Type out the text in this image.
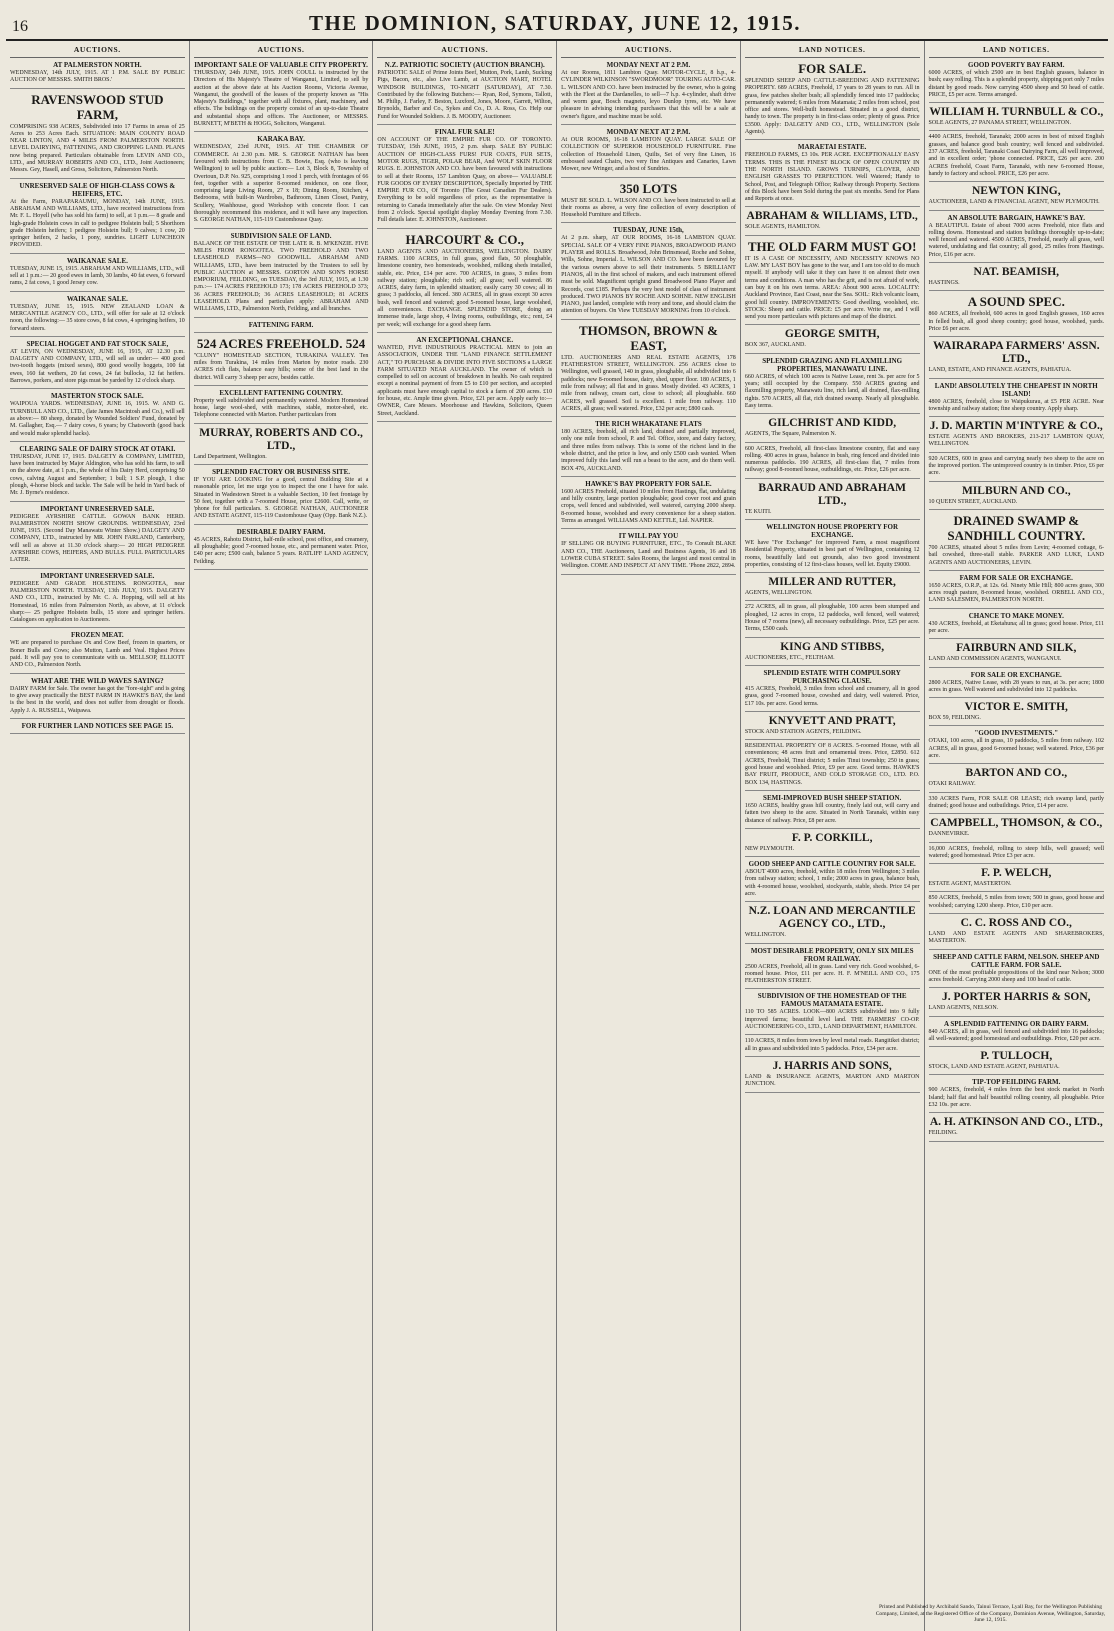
16	THE DOMINION, SATURDAY, JUNE 12, 1915.
AUCTIONS.
AT PALMERSTON NORTH.
WEDNESDAY, 14th JULY, 1915. AT 1 P.M. SALE BY PUBLIC AUCTION OF MESSRS. SMITH BROS.'
RAVENSWOOD STUD FARM,
COMPRISING 938 ACRES, Subdivided into 17 Farms in areas of 25 Acres to 253 Acres Each. SITUATION: MAIN COUNTY ROAD NEAR LINTON, AND 4 MILES FROM PALMERSTON NORTH. LEVEL DAIRYING, FATTENING, AND CROPPING LAND. PLANS now being prepared. Particulars obtainable from LEVIN AND CO., LTD., and MURRAY ROBERTS AND CO., LTD., Joint Auctioneers; Messrs. Gey, Hasell, and Gross, Solicitors, Palmerston North.
UNRESERVED SALE OF HIGH-CLASS COWS & HEIFERS, ETC.
At the Farm, PARAPARAUMU, MONDAY, 14th JUNE, 1915. ABRAHAM AND WILLIAMS, LTD., have received instructions from Mr. F. L. Hoyell (who has sold his farm) to sell, at 1 p.m.— 8 grade and high-grade Holstein cows in calf to pedigree Holstein bull; 5 Shorthorn grade Holstein heifers; 1 pedigree Holstein bull; 9 calves; 1 cow, 20 springer heifers, 2 hacks, 1 pony, sundries. LIGHT LUNCHEON PROVIDED.
WAIKANAE SALE.
TUESDAY, JUNE 15, 1915. ABRAHAM AND WILLIAMS, LTD., will sell at 1 p.m.:— 20 good ewes in lamb, 30 lambs, 40 fat ewes, 6 forward rams, 2 fat cows, 1 good Jersey cow.
WAIKANAE SALE.
TUESDAY, JUNE 15, 1915. NEW ZEALAND LOAN & MERCANTILE AGENCY CO., LTD., will offer for sale at 12 o'clock noon, the following:— 35 store cows, 8 fat cows, 4 springing heifers, 10 forward steers.
SPECIAL HOGGET AND FAT STOCK SALE,
AT LEVIN, ON WEDNESDAY, JUNE 16, 1915, AT 12.30 p.m. DALGETY AND COMPANY, LTD., will sell as under:— 400 good two-tooth hoggets (mixed sexes), 800 good woolly hoggets, 100 fat ewes, 160 fat wethers, 20 fat cows, 24 fat bullocks, 12 fat heifers. Barrows, porkers, and store pigs must be yarded by 12 o'clock sharp.
MASTERTON STOCK SALE.
WAIPOUA YARDS. WEDNESDAY, JUNE 16, 1915. W. AND G. TURNBULL AND CO., LTD., (late James Macintosh and Co.), will sell as above:— 80 sheep, donated by Wounded Soldiers' Fund, donated by M. Gallagher, Esq.— 7 dairy cows, 6 years; by Chatsworth (good back and would make splendid hacks).
CLEARING SALE OF DAIRY STOCK AT OTAKI.
THURSDAY, JUNE 17, 1915. DALGETY & COMPANY, LIMITED, have been instructed by Major Aldington, who has sold his farm, to sell on the above date, at 1 p.m., the whole of his Dairy Herd, comprising 50 cows, calving August and September; 1 bull; 1 S.P. plough, 1 disc plough, 4-horse block and tackle. The Sale will be held in Yard back of Mr. J. Byrne's residence.
IMPORTANT UNRESERVED SALE.
PEDIGREE AYRSHIRE CATTLE. GOWAN BANK HERD. PALMERSTON NORTH SHOW GROUNDS. WEDNESDAY, 23rd JUNE, 1915. (Second Day Manawatu Winter Show.) DALGETY AND COMPANY, LTD., instructed by MR. JOHN FARLAND, Canterbury, will sell as above at 11.30 o'clock sharp:— 20 HIGH PEDIGREE AYRSHIRE COWS, HEIFERS, AND BULLS. FULL PARTICULARS LATER.
IMPORTANT UNRESERVED SALE.
PEDIGREE AND GRADE HOLSTEINS. RONGOTEA, near PALMERSTON NORTH. TUESDAY, 13th JULY, 1915. DALGETY AND CO., LTD., instructed by Mr. C. A. Hopping, will sell at his Homestead, 16 miles from Palmerston North, as above, at 11 o'clock sharp:— 25 pedigree Holstein bulls, 15 store and springer heifers. Catalogues on application to Auctioneers.
FROZEN MEAT.
WE are prepared to purchase Ox and Cow Beef, frozen in quarters, or Boner Bulls and Cows; also Mutton, Lamb and Veal. Highest Prices paid. It will pay you to communicate with us. MELLSOP, ELLIOTT AND CO., Palmerston North.
WHAT ARE THE WILD WAVES SAYING?
DAIRY FARM for Sale. The owner has got the "fore-sight" and is going to give away practically the BEST FARM IN HAWKE'S BAY, the land is the best in the world, and does not suffer from drought or floods. Apply J. A. RUSSELL, Waipawa.
FOR FURTHER LAND NOTICES SEE PAGE 15.
AUCTIONS.
IMPORTANT SALE OF VALUABLE CITY PROPERTY.
THURSDAY, 24th JUNE, 1915. JOHN COULL is instructed by the Directors of His Majesty's Theatre of Wanganui, Limited, to sell by auction at the above date at his Auction Rooms, Victoria Avenue, Wanganui, the goodwill of the leases of the property known as "His Majesty's Buildings," together with all fixtures, plant, machinery, and effects. The buildings on the property consist of an up-to-date Theatre and substantial shops and offices. The Auctioneer, or MESSRS. BURNETT, M'BETH & HOGG, Solicitors, Wanganui.
KARAKA BAY.
WEDNESDAY, 23rd JUNE, 1915. AT THE CHAMBER OF COMMERCE. At 2.30 p.m. MR. S. GEORGE NATHAN has been favoured with instructions from C. B. Bowie, Esq. (who is leaving Wellington) to sell by public auction:— Lot 3, Block 8, Township of Overtoun, D.P. No. 925, comprising 1 rood 1 perch, with frontages of 66 feet, together with a superior 8-roomed residence, on one floor, comprising large Living Room, 27 x 18; Dining Room, Kitchen, 4 Bedrooms, with built-in Wardrobes, Bathroom, Linen Closet, Pantry, Scullery, Washhouse, good Workshop with concrete floor. I can thoroughly recommend this residence, and it will have any inspection. S. GEORGE NATHAN, 115-119 Customhouse Quay.
SUBDIVISION SALE OF LAND.
BALANCE OF THE ESTATE OF THE LATE R. B. M'KENZIE. FIVE MILES FROM RONGOTEA. TWO FREEHOLD AND TWO LEASEHOLD FARMS—NO GOODWILL. ABRAHAM AND WILLIAMS, LTD., have been instructed by the Trustees to sell by PUBLIC AUCTION at MESSRS. GORTON AND SON'S HORSE EMPORIUM, FEILDING, on TUESDAY, the 3rd JULY, 1915, at 1.30 p.m.:— 174 ACRES FREEHOLD 173; 178 ACRES FREEHOLD 373; 36 ACRES FREEHOLD; 36 ACRES LEASEHOLD; 81 ACRES LEASEHOLD. Plans and particulars apply: ABRAHAM AND WILLIAMS, LTD., Palmerston North, Feilding, and all branches.
FATTENING FARM.
524 ACRES FREEHOLD. 524
"CLUNY" HOMESTEAD SECTION, TURAKINA VALLEY. Ten miles from Turakina, 14 miles from Marton by motor roads. 230 ACRES rich flats, balance easy hills; some of the best land in the district. Will carry 3 sheep per acre, besides cattle.
EXCELLENT FATTENING COUNTRY.
Property well subdivided and permanently watered. Modern Homestead house, large wool-shed, with machines, stable, motor-shed, etc. Telephone connected with Marton. Further particulars from
MURRAY, ROBERTS AND CO., LTD.,
Land Department, Wellington.
SPLENDID FACTORY OR BUSINESS SITE.
IF YOU ARE LOOKING for a good, central Building Site at a reasonable price, let me urge you to inspect the one I have for sale. Situated in Wadestown Street is a valuable Section, 10 feet frontage by 50 feet, together with a 7-roomed House, price £2600. Call, write, or 'phone for full particulars. S. GEORGE NATHAN, AUCTIONEER AND ESTATE AGENT, 115-119 Customhouse Quay (Opp. Bank N.Z.).
DESIRABLE DAIRY FARM.
45 ACRES, Rahotu District, half-mile school, post office, and creamery, all ploughable; good 7-roomed house, etc., and permanent water. Price, £40 per acre; £500 cash, balance 5 years. RATLIFF LAND AGENCY, Feilding.
AUCTIONS.
N.Z. PATRIOTIC SOCIETY (AUCTION BRANCH).
PATRIOTIC SALE of Prime Joints Beef, Mutton, Pork, Lamb, Sucking Pigs, Bacon, etc., also Live Lamb, at AUCTION MART, HOTEL WINDSOR BUILDINGS, TO-NIGHT (SATURDAY), AT 7.30. Contributed by the following Butchers:— Ryan, Rod, Symons, Tallott, M. Philip, J. Farley, F. Beston, Luxford, Jones, Moore, Garrett, Wilton, Brynolds, Barber and Co., Sykes and Co., D. A. Ross, Co. Help our Fund for Wounded Soldiers. J. B. MOODY, Auctioneer.
FINAL FUR SALE!
ON ACCOUNT OF THE EMPIRE FUR CO. OF TORONTO. TUESDAY, 15th JUNE, 1915, 2 p.m. sharp. SALE BY PUBLIC AUCTION OF HIGH-CLASS FURS! FUR COATS, FUR SETS, MOTOR RUGS, TIGER, POLAR BEAR, And WOLF SKIN FLOOR RUGS. E. JOHNSTON AND CO. have been favoured with instructions to sell at their Rooms, 157 Lambton Quay, on above— VALUABLE FUR GOODS OF EVERY DESCRIPTION, Specially Imported by THE EMPIRE FUR CO., Of Toronto (The Great Canadian Fur Dealers). Everything to be sold regardless of price, as the representative is returning to Canada immediately after the sale. On view Monday Next from 2 o'clock. Special spotlight display Monday Evening from 7.30. Full details later. E. JOHNSTON, Auctioneer.
HARCOURT & CO.,
LAND AGENTS AND AUCTIONEERS, WELLINGTON. DAIRY FARMS. 1100 ACRES, in full grass, good flats, 50 ploughable, limestone country, two homesteads, woolshed, milking sheds installed, stable, etc. Price, £14 per acre. 700 ACRES, in grass, 3 miles from railway station; ploughable; rich soil; all grass; well watered. 86 ACRES, dairy farm, in splendid situation; easily carry 30 cows; all in grass; 3 paddocks, all fenced. 380 ACRES, all in grass except 30 acres bush, well fenced and watered; good 5-roomed house, large woolshed, all conveniences. EXCHANGE. SPLENDID STORE, doing an immense trade, large shop, 4 living rooms, outbuildings, etc.; rent, £4 per week; will exchange for a good sheep farm.
AN EXCEPTIONAL CHANCE.
WANTED, FIVE INDUSTRIOUS PRACTICAL MEN to join an ASSOCIATION, UNDER THE "LAND FINANCE SETTLEMENT ACT," TO PURCHASE & DIVIDE INTO FIVE SECTIONS a LARGE FARM SITUATED NEAR AUCKLAND. The owner of which is compelled to sell on account of breakdown in health. No cash required except a nominal payment of from £5 to £10 per section, and accepted applicants must have enough capital to stock a farm of 200 acres. £10 for house, etc. Ample time given. Price, £21 per acre. Apply early to:— OWNER, Care Messrs. Moorhouse and Hawkins, Solicitors, Queen Street, Auckland.
AUCTIONS.
MONDAY NEXT AT 2 P.M.
At our Rooms, 1811 Lambton Quay. MOTOR-CYCLE, 8 h.p., 4-CYLINDER WILKINSON "SWORDMOOR" TOURING AUTO-CAR. L. WILSON AND CO. have been instructed by the owner, who is going with the Fleet at the Dardanelles, to sell—7 h.p. 4-cylinder, shaft drive and worm gear, Bosch magneto, leyo Dunlop tyres, etc. We have pleasure in advising intending purchasers that this will be a sale at owner's figure, and machine must be sold.
MONDAY NEXT AT 2 P.M.
At OUR ROOMS, 16-18 LAMBTON QUAY. LARGE SALE OF COLLECTION OF SUPERIOR HOUSEHOLD FURNITURE. Fine collection of Household Linen, Quilts, Set of very fine Linen, 16 embossed seated Chairs, two very fine Antiques and Canaries, Lawn Mower, new Wringer, and a host of Sundries.
350 LOTS
MUST BE SOLD. L. WILSON AND CO. have been instructed to sell at their rooms as above, a very fine collection of every description of Household Furniture and Effects.
TUESDAY, JUNE 15th,
At 2 p.m. sharp, AT OUR ROOMS, 16-18 LAMBTON QUAY. SPECIAL SALE OF 4 VERY FINE PIANOS, BROADWOOD PIANO PLAYER and ROLLS. Broadwood, John Brinsmead, Roche and Sohne, Wills, Sohne, Imperial. L. WILSON AND CO. have been favoured by the various owners above to sell their instruments. 5 BRILLIANT PIANOS, all in the first school of makers, and each instrument offered must be sold. Magnificent upright grand Broadwood Piano Player and Records, cost £185. Perhaps the very best model of class of instrument produced. TWO PIANOS BY ROCHE AND SOHNE. NEW ENGLISH PIANO, just landed, complete with ivory and tone, and should claim the attention of buyers. On View TUESDAY MORNING from 10 o'clock.
THOMSON, BROWN & EAST,
LTD. AUCTIONEERS AND REAL ESTATE AGENTS, 178 FEATHERSTON STREET, WELLINGTON. 256 ACRES close to Wellington, well grassed, 140 in grass, ploughable, all subdivided into 6 paddocks; new 8-roomed house, dairy, shed, upper floor. 180 ACRES, 1 mile from railway; all flat and in grass. Mostly divided. 43 ACRES, 1 mile from railway, cream cart, close to school; all ploughable. 660 ACRES, well grassed. Soil is excellent. 1 mile from railway. 110 ACRES, all grass; well watered. Price, £32 per acre; £800 cash.
THE RICH WHAKATANE FLATS
180 ACRES, freehold, all rich land, drained and partially improved, only one mile from school, P. and Tel. Office, store, and dairy factory, and three miles from railway. This is some of the richest land in the whole district, and the price is low, and only £500 cash wanted. When improved fully this land will run a beast to the acre, and do them well. BOX 476, AUCKLAND.
HAWKE'S BAY PROPERTY FOR SALE.
1600 ACRES Freehold, situated 10 miles from Hastings, flat, undulating and hilly country, large portion ploughable; good cover root and grain crops, well fenced and subdivided, well watered, carrying 2000 sheep. 8-roomed house, woolshed and every convenience for a sheep station. Terms as arranged. WILLIAMS AND KETTLE, Ltd. NAPIER.
IT WILL PAY YOU
IF SELLING OR BUYING FURNITURE, ETC., To Consult BLAKE AND CO., THE Auctioneers, Land and Business Agents, 16 and 18 LOWER CUBA STREET. Sales Rooms, the largest and most central in Wellington. COME AND INSPECT AT ANY TIME. 'Phone 2822, 2894.
LAND NOTICES.
FOR SALE.
SPLENDID SHEEP AND CATTLE-BREEDING AND FATTENING PROPERTY. 689 ACRES, Freehold, 17 years to 28 years to run. All in grass, few patches shelter bush; all splendidly fenced into 17 paddocks; permanently watered; 6 miles from Matamata; 2 miles from school, post office and stores. Well-built homestead. Situated in a good district, handy to town. The property is in first-class order; plenty of grass. Price £3500. Apply: DALGETY AND CO., LTD., WELLINGTON (Sole Agents).
MARAETAI ESTATE.
FREEHOLD FARMS, £3 10s. PER ACRE. EXCEPTIONALLY EASY TERMS. THIS IS THE FINEST BLOCK OF OPEN COUNTRY IN THE NORTH ISLAND. GROWS TURNIPS, CLOVER, AND ENGLISH GRASSES TO PERFECTION. Well Watered; Handy to School, Post, and Telegraph Office; Railway through Property. Sections of this Block have been Sold during the past six months. Send for Plans and Reports at once.
ABRAHAM & WILLIAMS, LTD.,
SOLE AGENTS, HAMILTON.
THE OLD FARM MUST GO!
IT IS A CASE OF NECESSITY, AND NECESSITY KNOWS NO LAW. MY LAST BOY has gone to the war, and I am too old to do much myself. If anybody will take it they can have it on almost their own terms and conditions. A man who has the grit, and is not afraid of work, can buy it on his own terms. AREA: About 900 acres. LOCALITY: Auckland Province, East Coast, near the Sea. SOIL: Rich volcanic loam, good hill country. IMPROVEMENTS: Good dwelling, woolshed, etc. STOCK: Sheep and cattle. PRICE: £5 per acre. Write me, and I will send you more particulars with pictures and map of the district.
GEORGE SMITH,
BOX 367, AUCKLAND.
SPLENDID GRAZING AND FLAXMILLING PROPERTIES, MANAWATU LINE.
660 ACRES, of which 100 acres is Native Lease, rent 3s. per acre for 5 years; still occupied by the Company. 550 ACRES grazing and flaxmilling property, Manawatu line, rich land, all drained, flax-milling rights. 570 ACRES, all flat, rich drained swamp. Nearly all ploughable. Easy terms.
GILCHRIST AND KIDD,
AGENTS, The Square, Palmerston N.
600 ACRES, Freehold, all first-class limestone country, flat and easy rolling. 400 acres in grass, balance in bush, ring fenced and divided into numerous paddocks. 190 ACRES, all first-class flat, 7 miles from railway; good 8-roomed house, outbuildings, etc. Price, £26 per acre.
BARRAUD AND ABRAHAM LTD.,
TE KUITI.
WELLINGTON HOUSE PROPERTY FOR EXCHANGE.
WE have "For Exchange" for improved Farm, a most magnificent Residential Property, situated in best part of Wellington, containing 12 rooms, beautifully laid out grounds, also two good investment properties, consisting of 12 first-class houses, well let. Equity £9000.
MILLER AND RUTTER,
AGENTS, WELLINGTON.
272 ACRES, all in grass, all ploughable, 100 acres been stumped and ploughed, 12 acres in crops, 12 paddocks, well fenced, well watered; House of 7 rooms (new), all necessary outbuildings. Price, £25 per acre. Terms, £500 cash.
KING AND STIBBS,
AUCTIONEERS, ETC., FELTHAM.
SPLENDID ESTATE WITH COMPULSORY PURCHASING CLAUSE.
415 ACRES, Freehold, 3 miles from school and creamery, all in good grass, good 7-roomed house, cowshed and dairy, well watered. Price, £17 10s. per acre. Good terms.
KNYVETT AND PRATT,
STOCK AND STATION AGENTS, FEILDING.
RESIDENTIAL PROPERTY OF 8 ACRES. 5-roomed House, with all conveniences; 48 acres fruit and ornamental trees. Price, £2850. 612 ACRES, Freehold, Tinui district; 5 miles Tinui township; 250 in grass; good house and woolshed. Price, £9 per acre. Good terms. HAWKE'S BAY FRUIT, PRODUCE, AND COLD STORAGE CO., LTD. P.O. BOX 134, HASTINGS.
SEMI-IMPROVED BUSH SHEEP STATION.
1650 ACRES, healthy grass hill country, finely laid out, will carry and fatten two sheep to the acre. Situated in North Taranaki, within easy distance of railway. Price, £8 per acre.
F. P. CORKILL,
NEW PLYMOUTH.
GOOD SHEEP AND CATTLE COUNTRY FOR SALE.
ABOUT 4000 acres, freehold, within 18 miles from Wellington; 3 miles from railway station; school, 1 mile; 2000 acres in grass, balance bush, with 4-roomed house, woolshed, stockyards, stable, sheds. Price £4 per acre.
N.Z. LOAN AND MERCANTILE AGENCY CO., LTD.,
WELLINGTON.
MOST DESIRABLE PROPERTY, ONLY SIX MILES FROM RAILWAY.
2500 ACRES, Freehold, all in grass. Land very rich. Good woolshed, 6-roomed house. Price, £11 per acre. H. F. M'NEILL AND CO., 175 FEATHERSTON STREET.
SUBDIVISION OF THE HOMESTEAD OF THE FAMOUS MATAMATA ESTATE.
110 TO 585 ACRES. LOOK—800 ACRES subdivided into 9 fully improved farms; beautiful level land. THE FARMERS' CO-OP. AUCTIONEERING CO., LTD., LAND DEPARTMENT, HAMILTON.
110 ACRES, 8 miles from town by level metal roads. Rangitikei district; all in grass and subdivided into 5 paddocks. Price, £34 per acre.
J. HARRIS AND SONS,
LAND & INSURANCE AGENTS, MARTON AND MARTON JUNCTION.
LAND NOTICES.
GOOD POVERTY BAY FARM.
6000 ACRES, of which 2500 are in best English grasses, balance in bush; easy rolling. This is a splendid property, shipping port only 7 miles distant by good roads. Now carrying 4500 sheep and 50 head of cattle. PRICE, £5 per acre. Terms arranged.
WILLIAM H. TURNBULL & CO.,
SOLE AGENTS, 27 PANAMA STREET, WELLINGTON.
4400 ACRES, freehold, Taranaki; 2000 acres in best of mixed English grasses, and balance good bush country; well fenced and subdivided. 237 ACRES, freehold, Taranaki Coast Dairying Farm, all well improved, and in excellent order; 'phone connected. PRICE, £26 per acre. 200 ACRES freehold, Coast Farm, Taranaki, with new 6-roomed House, handy to factory and school. PRICE, £26 per acre.
NEWTON KING,
AUCTIONEER, LAND & FINANCIAL AGENT, NEW PLYMOUTH.
AN ABSOLUTE BARGAIN, HAWKE'S BAY.
A BEAUTIFUL Estate of about 7000 acres Freehold, nice flats and rolling downs. Homestead and station buildings thoroughly up-to-date; well fenced and watered. 4500 ACRES, Freehold, nearly all grass, well watered, undulating and flat country; all good, 25 miles from Hastings. Price, £16 per acre.
NAT. BEAMISH,
HASTINGS.
A SOUND SPEC.
860 ACRES, all freehold, 600 acres in good English grasses, 160 acres in felled bush, all good sheep country; good house, woolshed, yards. Price £6 per acre.
WAIRARAPA FARMERS' ASSN. LTD.,
LAND, ESTATE, AND FINANCE AGENTS, PAHIATUA.
LAND! ABSOLUTELY THE CHEAPEST IN NORTH ISLAND!
4800 ACRES, freehold, close to Waipukurau, at £5 PER ACRE. Near township and railway station; fine sheep country. Apply sharp.
J. D. MARTIN M'INTYRE & CO.,
ESTATE AGENTS AND BROKERS, 213-217 LAMBTON QUAY, WELLINGTON.
920 ACRES, 600 in grass and carrying nearly two sheep to the acre on the improved portion. The unimproved country is in timber. Price, £6 per acre.
MILBURN AND CO.,
10 QUEEN STREET, AUCKLAND.
DRAINED SWAMP & SANDHILL COUNTRY.
700 ACRES, situated about 5 miles from Levin; 4-roomed cottage, 6-bail cowshed, three-stall stable. PARKER AND LUKE, LAND AGENTS AND AUCTIONEERS, LEVIN.
FARM FOR SALE OR EXCHANGE.
1650 ACRES, O.R.P., at 12s. 6d. Ninety Mile Hill; 800 acres grass, 300 acres rough pasture, 8-roomed house, woolshed. ORBELL AND CO., LAND SALESMEN, PALMERSTON NORTH.
CHANCE TO MAKE MONEY.
430 ACRES, freehold, at Eketahuna; all in grass; good house. Price, £11 per acre.
FAIRBURN AND SILK,
LAND AND COMMISSION AGENTS, WANGANUI.
FOR SALE OR EXCHANGE.
2800 ACRES, Native Lease, with 28 years to run, at 3s. per acre; 1800 acres in grass. Well watered and subdivided into 12 paddocks.
VICTOR E. SMITH,
BOX 59, FEILDING.
"GOOD INVESTMENTS."
OTAKI, 100 acres, all in grass, 10 paddocks, 5 miles from railway. 102 ACRES, all in grass, good 6-roomed house; well watered. Price, £36 per acre.
BARTON AND CO.,
OTAKI RAILWAY.
330 ACRES Farm, FOR SALE OR LEASE; rich swamp land, partly drained; good house and outbuildings. Price, £14 per acre.
CAMPBELL, THOMSON, & CO.,
DANNEVIRKE.
16,000 ACRES, freehold, rolling to steep hills, well grassed; well watered; good homestead. Price £3 per acre.
F. P. WELCH,
ESTATE AGENT, MASTERTON.
850 ACRES, freehold, 5 miles from town; 500 in grass, good house and woolshed; carrying 1200 sheep. Price, £10 per acre.
C. C. ROSS AND CO.,
LAND AND ESTATE AGENTS AND SHAREBROKERS, MASTERTON.
SHEEP AND CATTLE FARM, NELSON. SHEEP AND CATTLE FARM. FOR SALE.
ONE of the most profitable propositions of the kind near Nelson; 3000 acres freehold. Carrying 2000 sheep and 100 head of cattle.
J. PORTER HARRIS & SON,
LAND AGENTS, NELSON.
A SPLENDID FATTENING OR DAIRY FARM.
840 ACRES, all in grass, well fenced and subdivided into 16 paddocks; all well-watered; good homestead and outbuildings. Price, £20 per acre.
P. TULLOCH,
STOCK, LAND AND ESTATE AGENT, PAHIATUA.
TIP-TOP FEILDING FARM.
900 ACRES, freehold, 4 miles from the best stock market in North Island; half flat and half beautiful rolling country, all ploughable. Price £32 10s. per acre.
A. H. ATKINSON AND CO., LTD.,
FEILDING.
Printed and Published by Archibald Sando, Tainui Terrace, Lyall Bay, for the Wellington Publishing Company, Limited, at the Registered Office of the Company, Dominion Avenue, Wellington, Saturday, June 12, 1915.
